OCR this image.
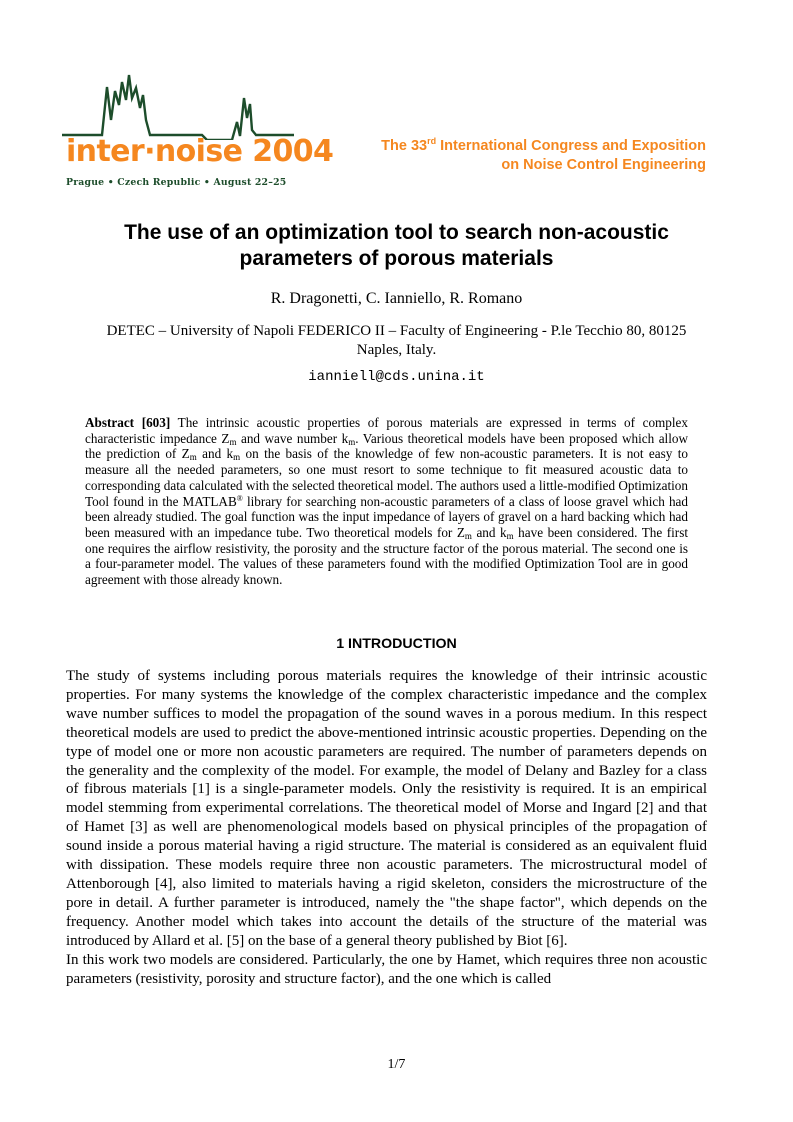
inter·noise 2004
Prague • Czech Republic • August 22–25
The 33rd International Congress and Exposition
on Noise Control Engineering
The use of an optimization tool to search non-acoustic
parameters of porous materials
R. Dragonetti, C. Ianniello, R. Romano
DETEC – University of Napoli FEDERICO II – Faculty of Engineering - P.le Tecchio 80, 80125
Naples, Italy.
ianniell@cds.unina.it
Abstract [603] The intrinsic acoustic properties of porous materials are expressed in terms of complex characteristic impedance $Z_m$ and wave number $k_m$. Various theoretical models have been proposed which allow the prediction of $Z_m$ and $k_m$ on the basis of the knowledge of few non-acoustic parameters. It is not easy to measure all the needed parameters, so one must resort to some technique to fit measured acoustic data to corresponding data calculated with the selected theoretical model. The authors used a little-modified Optimization Tool found in the MATLAB® library for searching non-acoustic parameters of a class of loose gravel which had been already studied. The goal function was the input impedance of layers of gravel on a hard backing which had been measured with an impedance tube. Two theoretical models for $Z_m$ and $k_m$ have been considered. The first one requires the airflow resistivity, the porosity and the structure factor of the porous material. The second one is a four-parameter model. The values of these parameters found with the modified Optimization Tool are in good agreement with those already known.
1 INTRODUCTION

The study of systems including porous materials requires the knowledge of their intrinsic acoustic properties. For many systems the knowledge of the complex characteristic impedance and the complex wave number suffices to model the propagation of the sound waves in a porous medium. In this respect theoretical models are used to predict the above-mentioned intrinsic acoustic properties. Depending on the type of model one or more non acoustic parameters are required. The number of parameters depends on the generality and the complexity of the model. For example, the model of Delany and Bazley for a class of fibrous materials [1] is a single-parameter models. Only the resistivity is required. It is an empirical model stemming from experimental correlations. The theoretical model of Morse and Ingard [2] and that of Hamet [3] as well are phenomenological models based on physical principles of the propagation of sound inside a porous material having a rigid structure. The material is considered as an equivalent fluid with dissipation. These models require three non acoustic parameters. The microstructural model of Attenborough [4], also limited to materials having a rigid skeleton, considers the microstructure of the pore in detail. A further parameter is introduced, namely the "the shape factor", which depends on the frequency. Another model which takes into account the details of the structure of the material was introduced by Allard et al. [5] on the base of a general theory published by Biot [6].

In this work two models are considered. Particularly, the one by Hamet, which requires three non acoustic parameters (resistivity, porosity and structure factor), and the one which is called

1/7
